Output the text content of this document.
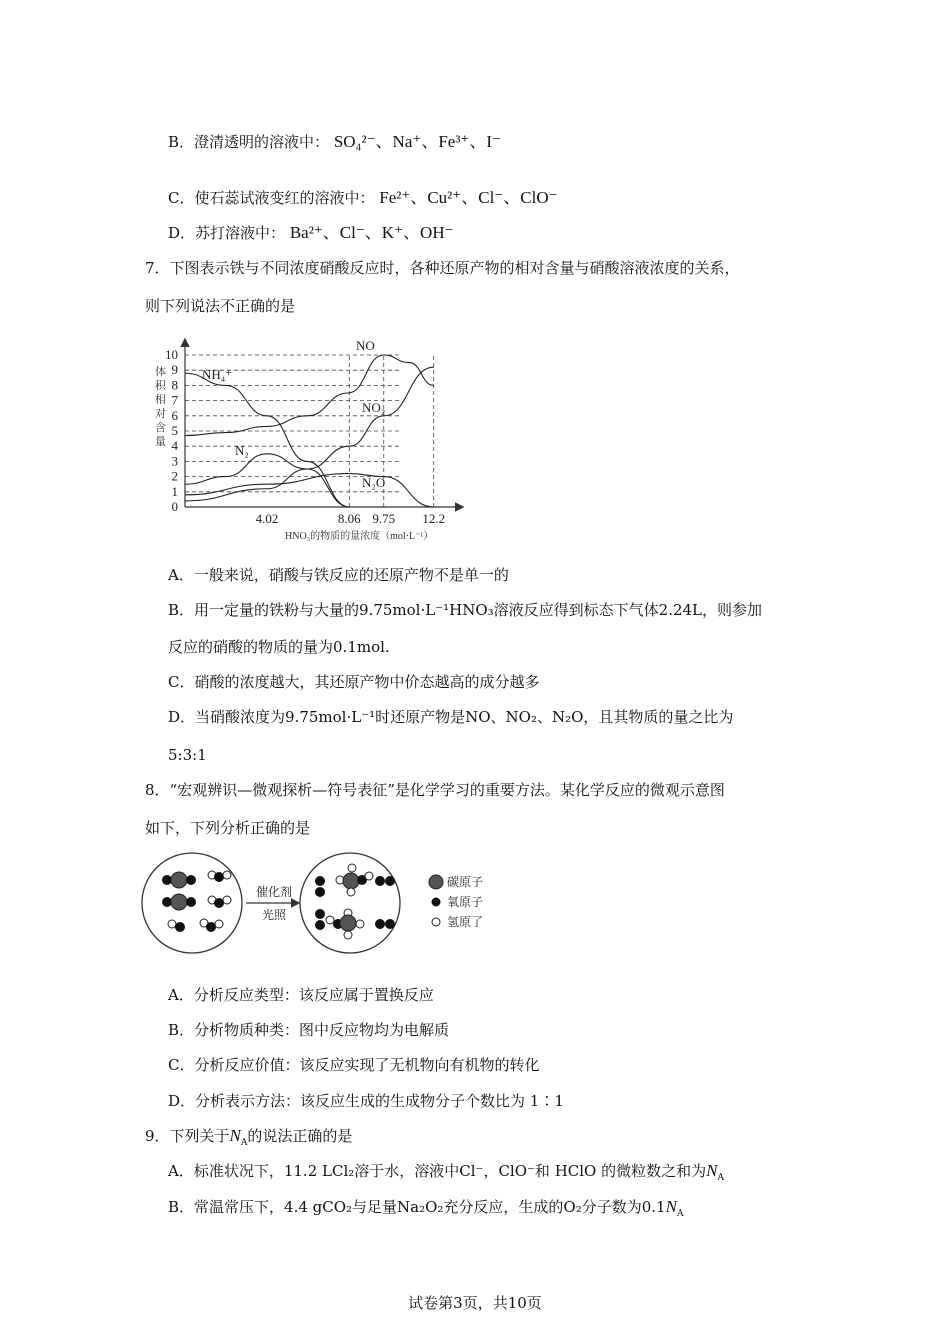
B．澄清透明的溶液中： SO₄²⁻、Na⁺、Fe³⁺、I⁻
C．使石蕊试液变红的溶液中： Fe²⁺、Cu²⁺、Cl⁻、ClO⁻
D．苏打溶液中： Ba²⁺、Cl⁻、K⁺、OH⁻
7．下图表示铁与不同浓度硝酸反应时，各种还原产物的相对含量与硝酸溶液浓度的关系，
则下列说法不正确的是
0
1
2
3
4
5
6
7
8
9
10
4.02	8.06 9.75 12.2
NO
NO₂
NH₄⁺
N₂
N₂O
体积相对含量
HNO₃的物质的量浓度（mol·L⁻¹）
A．一般来说，硝酸与铁反应的还原产物不是单一的
B．用一定量的铁粉与大量的9.75mol·L⁻¹HNO₃溶液反应得到标态下气体2.24L，则参加
反应的硝酸的物质的量为0.1mol.
C．硝酸的浓度越大，其还原产物中价态越高的成分越多
D．当硝酸浓度为9.75mol·L⁻¹时还原产物是NO、NO₂、N₂O，且其物质的量之比为
5:3:1
8．“宏观辨识—微观探析—符号表征”是化学学习的重要方法。某化学反应的微观示意图
如下，下列分析正确的是
催化剂
光照
碳原子
氧原子
氢原了
A．分析反应类型：该反应属于置换反应
B．分析物质种类：图中反应物均为电解质
C．分析反应价值：该反应实现了无机物向有机物的转化
D．分析表示方法：该反应生成的生成物分子个数比为 1∶1
9．下列关于$N_A$的说法正确的是
A．标准状况下，11.2 LCl₂溶于水，溶液中Cl⁻，ClO⁻和 HClO 的微粒数之和为$N_A$
B．常温常压下，4.4 gCO₂与足量Na₂O₂充分反应，生成的O₂分子数为$0.1N_A$
试卷第3页，共10页
